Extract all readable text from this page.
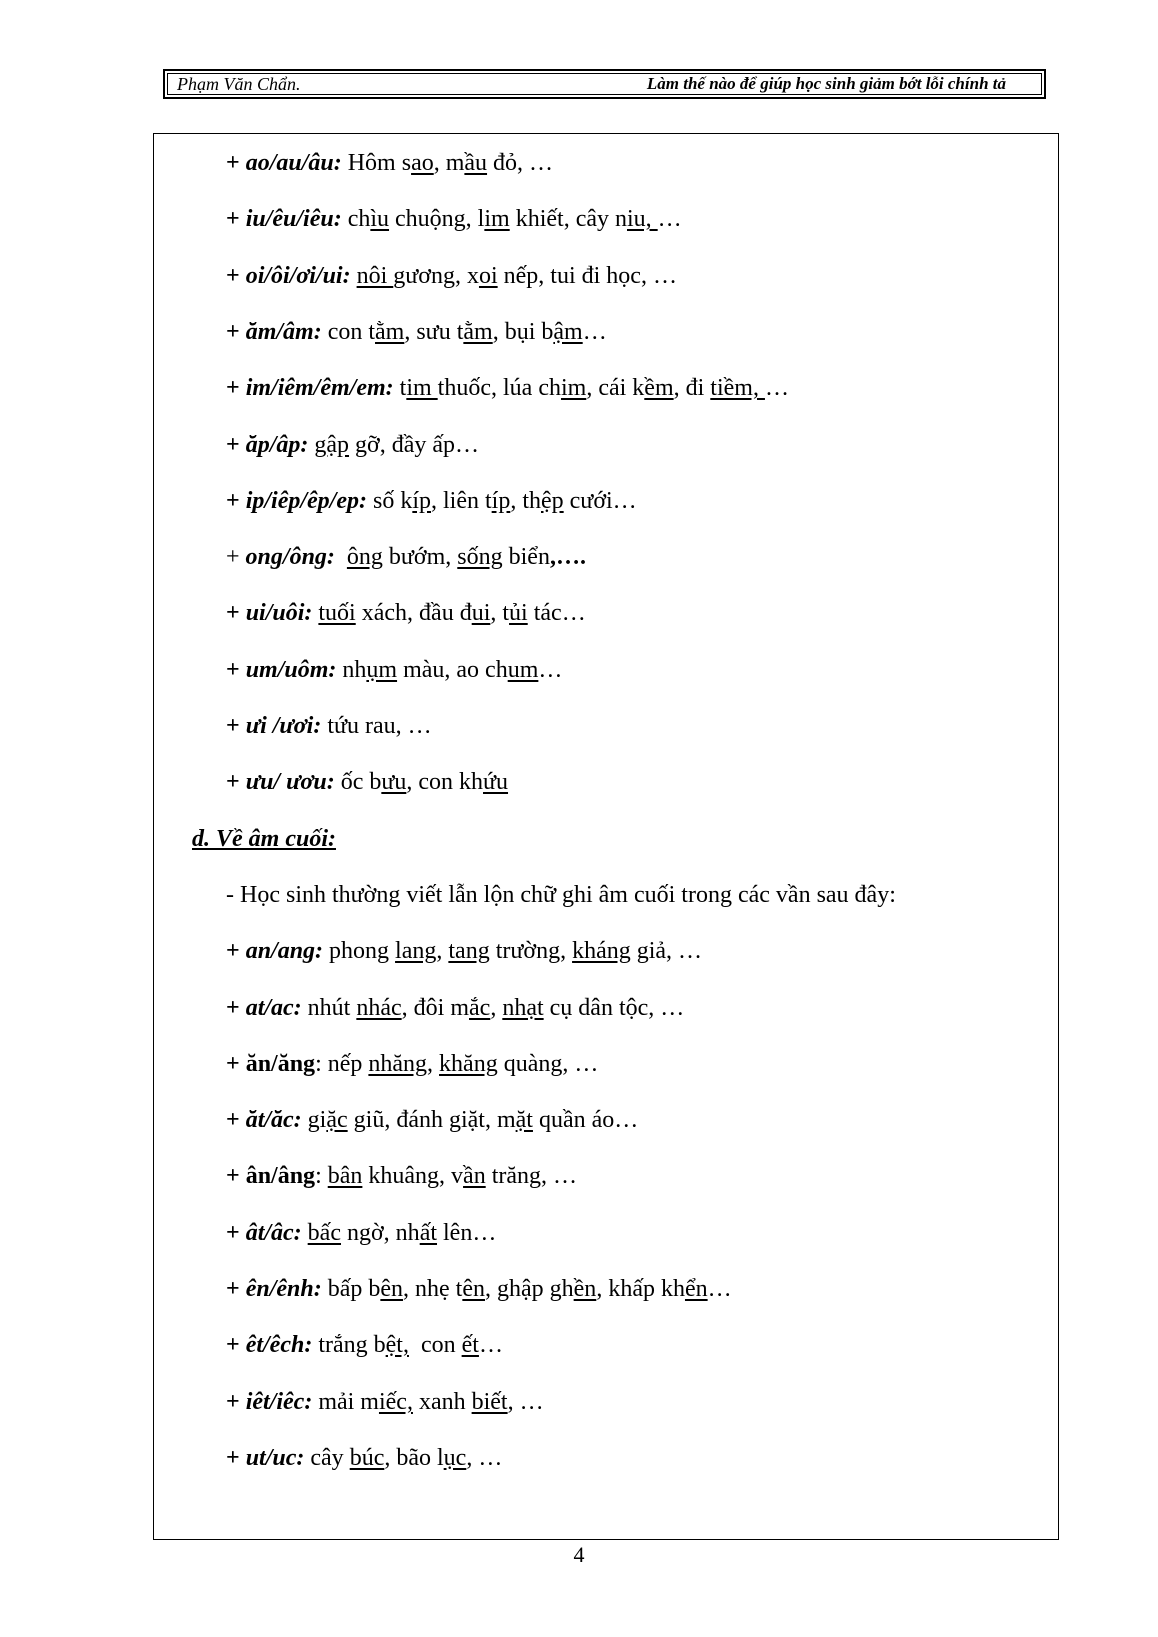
Phạm Văn Chẩn.	Làm thế nào để giúp học sinh giảm bớt lỗi chính tả
+ ao/au/âu: Hôm sao, mầu đỏ, …
+ iu/êu/iêu: chìu chuộng, lim khiết, cây niu, …
+ oi/ôi/ơi/ui: nôi gương, xoi nếp, tui đi học, …
+ ăm/âm: con tằm, sưu tằm, bụi bậm…
+ im/iêm/êm/em: tim thuốc, lúa chim, cái kềm, đi tiềm, …
+ ăp/âp: gập gỡ, đầy ấp…
+ ip/iêp/êp/ep: số kíp, liên típ, thệp cưới…
+ ong/ông: ông bướm, sống biển,….
+ ui/uôi: tuối xách, đầu đui, tủi tác…
+ um/uôm: nhụm màu, ao chum…
+ ưi /ươi: tứu rau, …
+ ưu/ ươu: ốc bưu, con khứu
d. Về âm cuối:
- Học sinh thường viết lẫn lộn chữ ghi âm cuối trong các vần sau đây:
+ an/ang: phong lang, tang trường, kháng giả, …
+ at/ac: nhút nhác, đôi mắc, nhạt cụ dân tộc, …
+ ăn/ăng: nếp nhăng, khăng quàng, …
+ ăt/ăc: giặc giũ, đánh giặt, mặt quần áo…
+ ân/âng: bân khuâng, vần trăng, …
+ ât/âc: bấc ngờ, nhất lên…
+ ên/ênh: bấp bên, nhẹ tên, ghập ghền, khấp khển…
+ êt/êch: trắng bệt,  con ết…
+ iêt/iêc: mải miếc, xanh biết, …
+ ut/uc: cây búc, bão lục, …
4
